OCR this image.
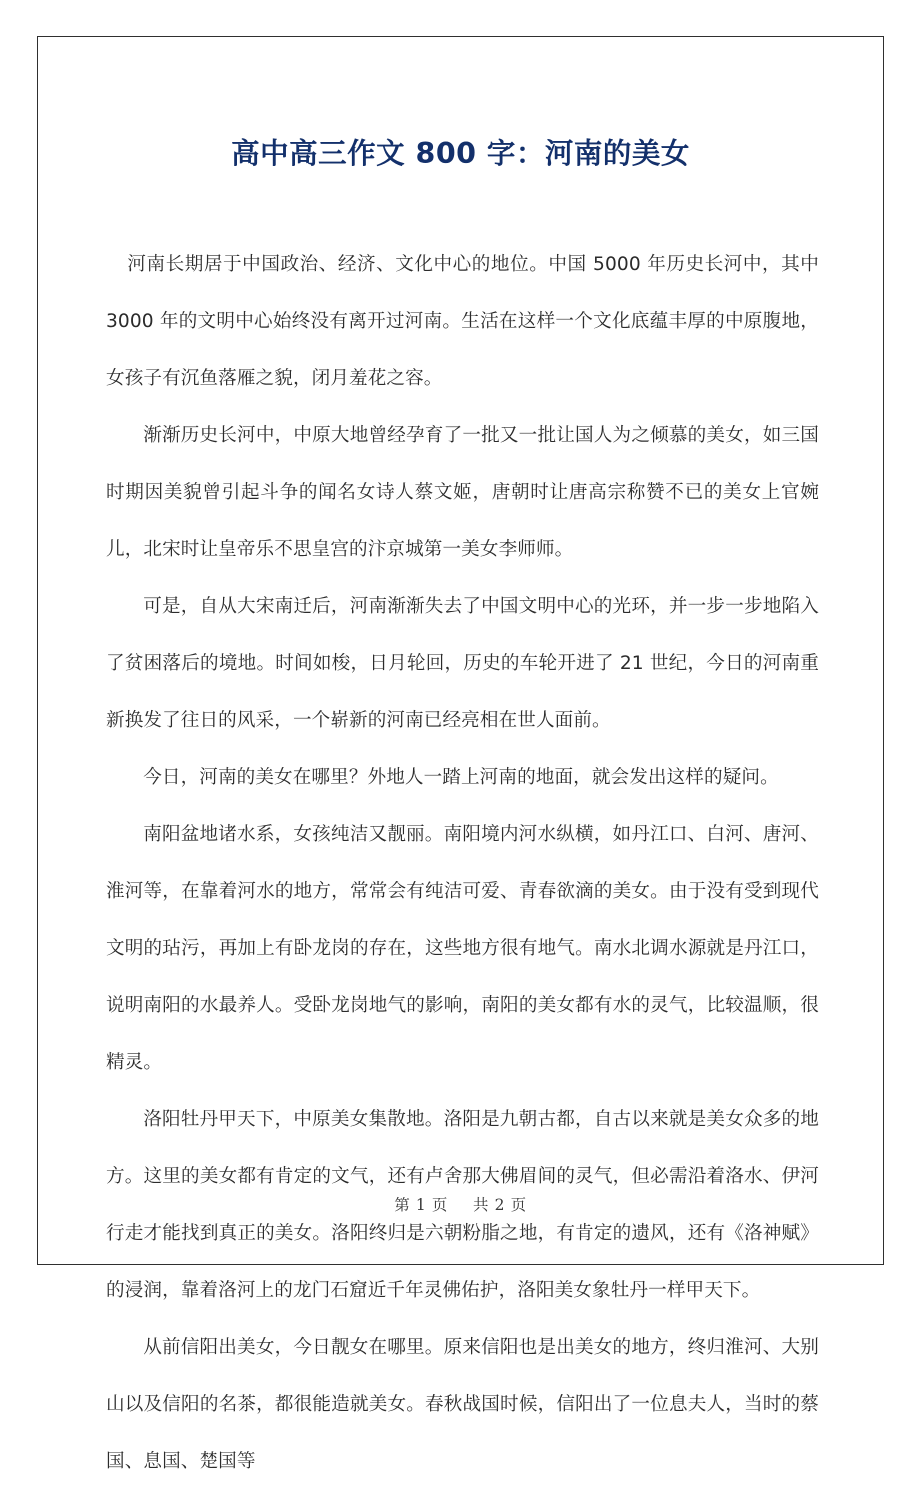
高中高三作文 800 字：河南的美女

河南长期居于中国政治、经济、文化中心的地位。中国 5000 年历史长河中，其中 3000 年的文明中心始终没有离开过河南。生活在这样一个文化底蕴丰厚的中原腹地，女孩子有沉鱼落雁之貌，闭月羞花之容。

渐渐历史长河中，中原大地曾经孕育了一批又一批让国人为之倾慕的美女，如三国时期因美貌曾引起斗争的闻名女诗人蔡文姬，唐朝时让唐高宗称赞不已的美女上官婉儿，北宋时让皇帝乐不思皇宫的汴京城第一美女李师师。

可是，自从大宋南迁后，河南渐渐失去了中国文明中心的光环，并一步一步地陷入了贫困落后的境地。时间如梭，日月轮回，历史的车轮开进了 21 世纪，今日的河南重新换发了往日的风采，一个崭新的河南已经亮相在世人面前。

今日，河南的美女在哪里？外地人一踏上河南的地面，就会发出这样的疑问。

南阳盆地诸水系，女孩纯洁又靓丽。南阳境内河水纵横，如丹江口、白河、唐河、淮河等，在靠着河水的地方，常常会有纯洁可爱、青春欲滴的美女。由于没有受到现代文明的玷污，再加上有卧龙岗的存在，这些地方很有地气。南水北调水源就是丹江口，说明南阳的水最养人。受卧龙岗地气的影响，南阳的美女都有水的灵气，比较温顺，很精灵。

洛阳牡丹甲天下，中原美女集散地。洛阳是九朝古都，自古以来就是美女众多的地方。这里的美女都有肯定的文气，还有卢舍那大佛眉间的灵气，但必需沿着洛水、伊河行走才能找到真正的美女。洛阳终归是六朝粉脂之地，有肯定的遗风，还有《洛神赋》的浸润，靠着洛河上的龙门石窟近千年灵佛佑护，洛阳美女象牡丹一样甲天下。

从前信阳出美女，今日靓女在哪里。原来信阳也是出美女的地方，终归淮河、大别山以及信阳的名茶，都很能造就美女。春秋战国时候，信阳出了一位息夫人，当时的蔡国、息国、楚国等

第 1 页 共 2 页
